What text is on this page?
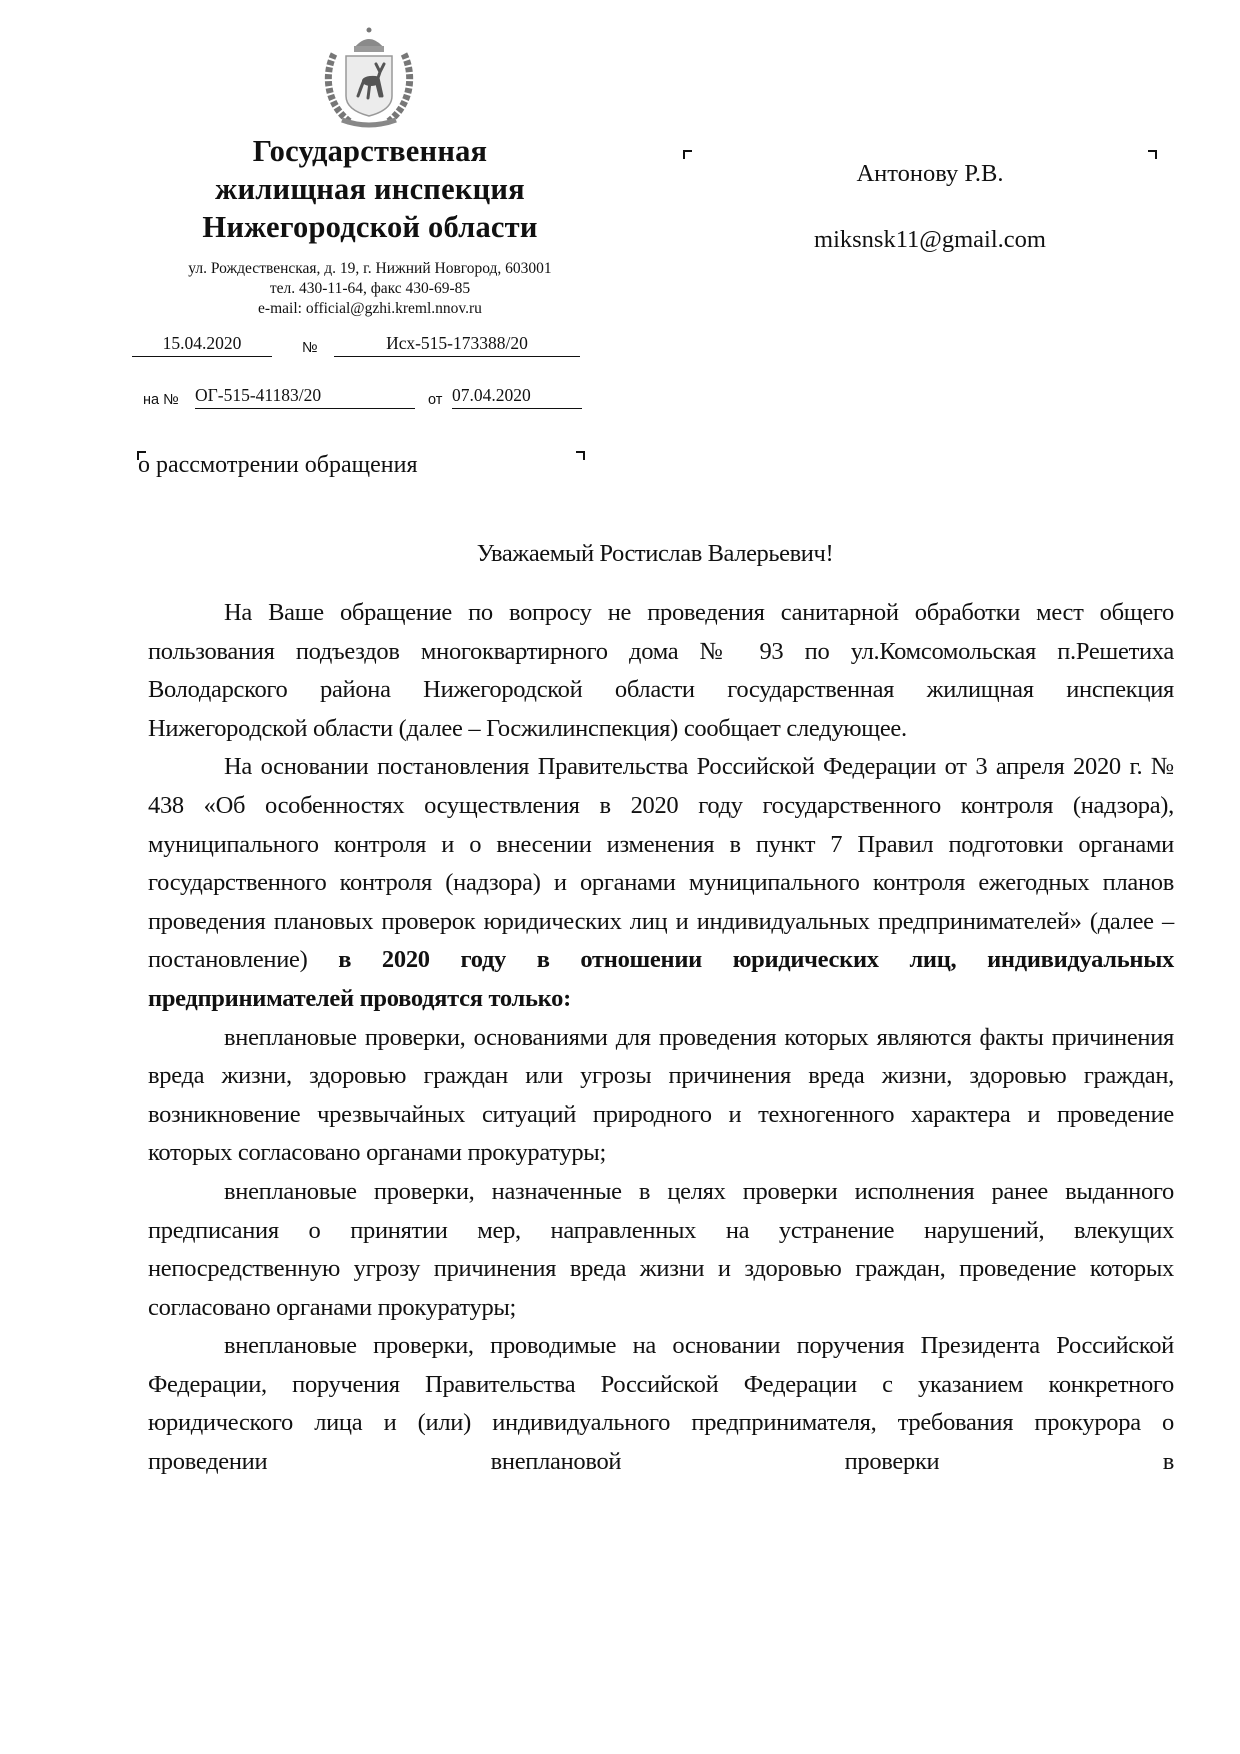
Государственная
жилищная инспекция
Нижегородской области
ул. Рождественская, д. 19, г. Нижний Новгород, 603001
тел. 430-11-64, факс 430-69-85
e-mail: official@gzhi.kreml.nnov.ru
15.04.2020	№	Исх-515-173388/20
на № ОГ-515-41183/20	от 07.04.2020
о рассмотрении обращения
Антонову Р.В.
miksnsk11@gmail.com
Уважаемый Ростислав Валерьевич!

На Ваше обращение по вопросу не проведения санитарной обработки мест общего пользования подъездов многоквартирного дома № 93 по ул.Комсомольская п.Решетиха Володарского района Нижегородской области государственная жилищная инспекция Нижегородской области (далее – Госжилинспекция) сообщает следующее.

На основании постановления Правительства Российской Федерации от 3 апреля 2020 г. № 438 «Об особенностях осуществления в 2020 году государственного контроля (надзора), муниципального контроля и о внесении изменения в пункт 7 Правил подготовки органами государственного контроля (надзора) и органами муниципального контроля ежегодных планов проведения плановых проверок юридических лиц и индивидуальных предпринимателей» (далее – постановление) в 2020 году в отношении юридических лиц, индивидуальных предпринимателей проводятся только:

внеплановые проверки, основаниями для проведения которых являются факты причинения вреда жизни, здоровью граждан или угрозы причинения вреда жизни, здоровью граждан, возникновение чрезвычайных ситуаций природного и техногенного характера и проведение которых согласовано органами прокуратуры;

внеплановые проверки, назначенные в целях проверки исполнения ранее выданного предписания о принятии мер, направленных на устранение нарушений, влекущих непосредственную угрозу причинения вреда жизни и здоровью граждан, проведение которых согласовано органами прокуратуры;

внеплановые проверки, проводимые на основании поручения Президента Российской Федерации, поручения Правительства Российской Федерации с указанием конкретного юридического лица и (или) индивидуального предпринимателя, требования прокурора о проведении внеплановой проверки в
